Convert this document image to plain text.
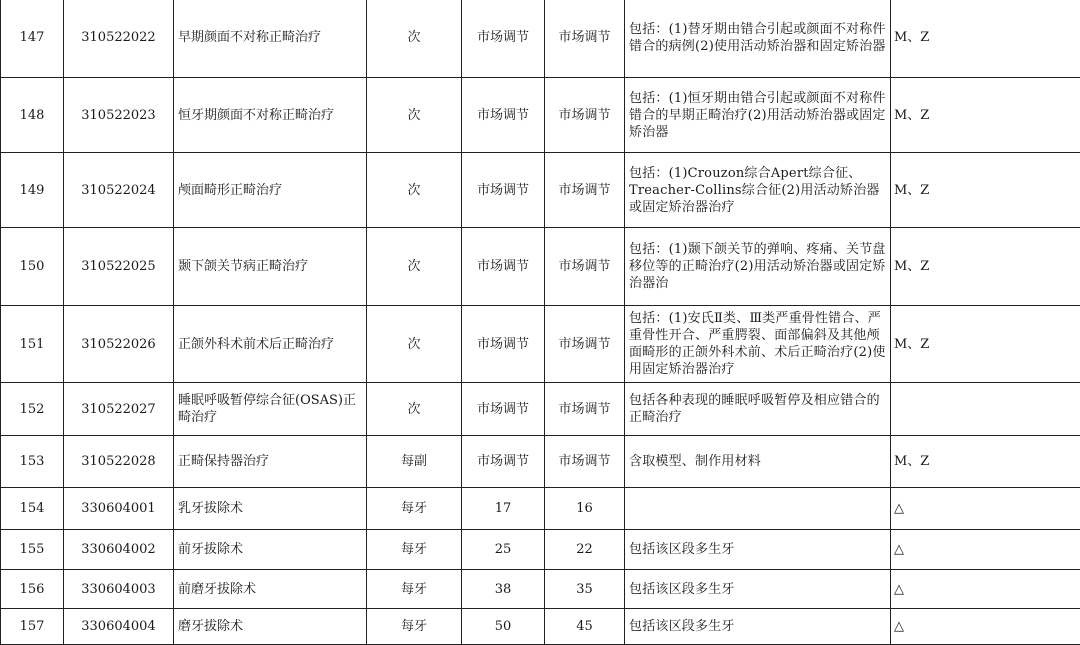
147	310522022	早期颜面不对称正畸治疗	次	市场调节	市场调节	包括：(1)替牙期由错合引起或颜面不对称件错合的病例(2)使用活动矫治器和固定矫治器	M、Z
148	310522023	恒牙期颜面不对称正畸治疗	次	市场调节	市场调节	包括：(1)恒牙期由错合引起或颜面不对称件错合的早期正畸治疗(2)用活动矫治器或固定矫治器	M、Z
149	310522024	颅面畸形正畸治疗	次	市场调节	市场调节	包括：(1)Crouzon综合Apert综合征、Treacher-Collins综合征(2)用活动矫治器或固定矫治器治疗	M、Z
150	310522025	颞下颌关节病正畸治疗	次	市场调节	市场调节	包括：(1)颞下颌关节的弹响、疼痛、关节盘移位等的正畸治疗(2)用活动矫治器或固定矫治器治	M、Z
151	310522026	正颌外科术前术后正畸治疗	次	市场调节	市场调节	包括：(1)安氏Ⅱ类、Ⅲ类严重骨性错合、严重骨性开合、严重腭裂、面部偏斜及其他颅面畸形的正颌外科术前、术后正畸治疗(2)使用固定矫治器治疗	M、Z
152	310522027	睡眠呼吸暂停综合征(OSAS)正畸治疗	次	市场调节	市场调节	包括各种表现的睡眠呼吸暂停及相应错合的正畸治疗	
153	310522028	正畸保持器治疗	每副	市场调节	市场调节	含取模型、制作用材料	M、Z
154	330604001	乳牙拔除术	每牙	17	16		△
155	330604002	前牙拔除术	每牙	25	22	包括该区段多生牙	△
156	330604003	前磨牙拔除术	每牙	38	35	包括该区段多生牙	△
157	330604004	磨牙拔除术	每牙	50	45	包括该区段多生牙	△
